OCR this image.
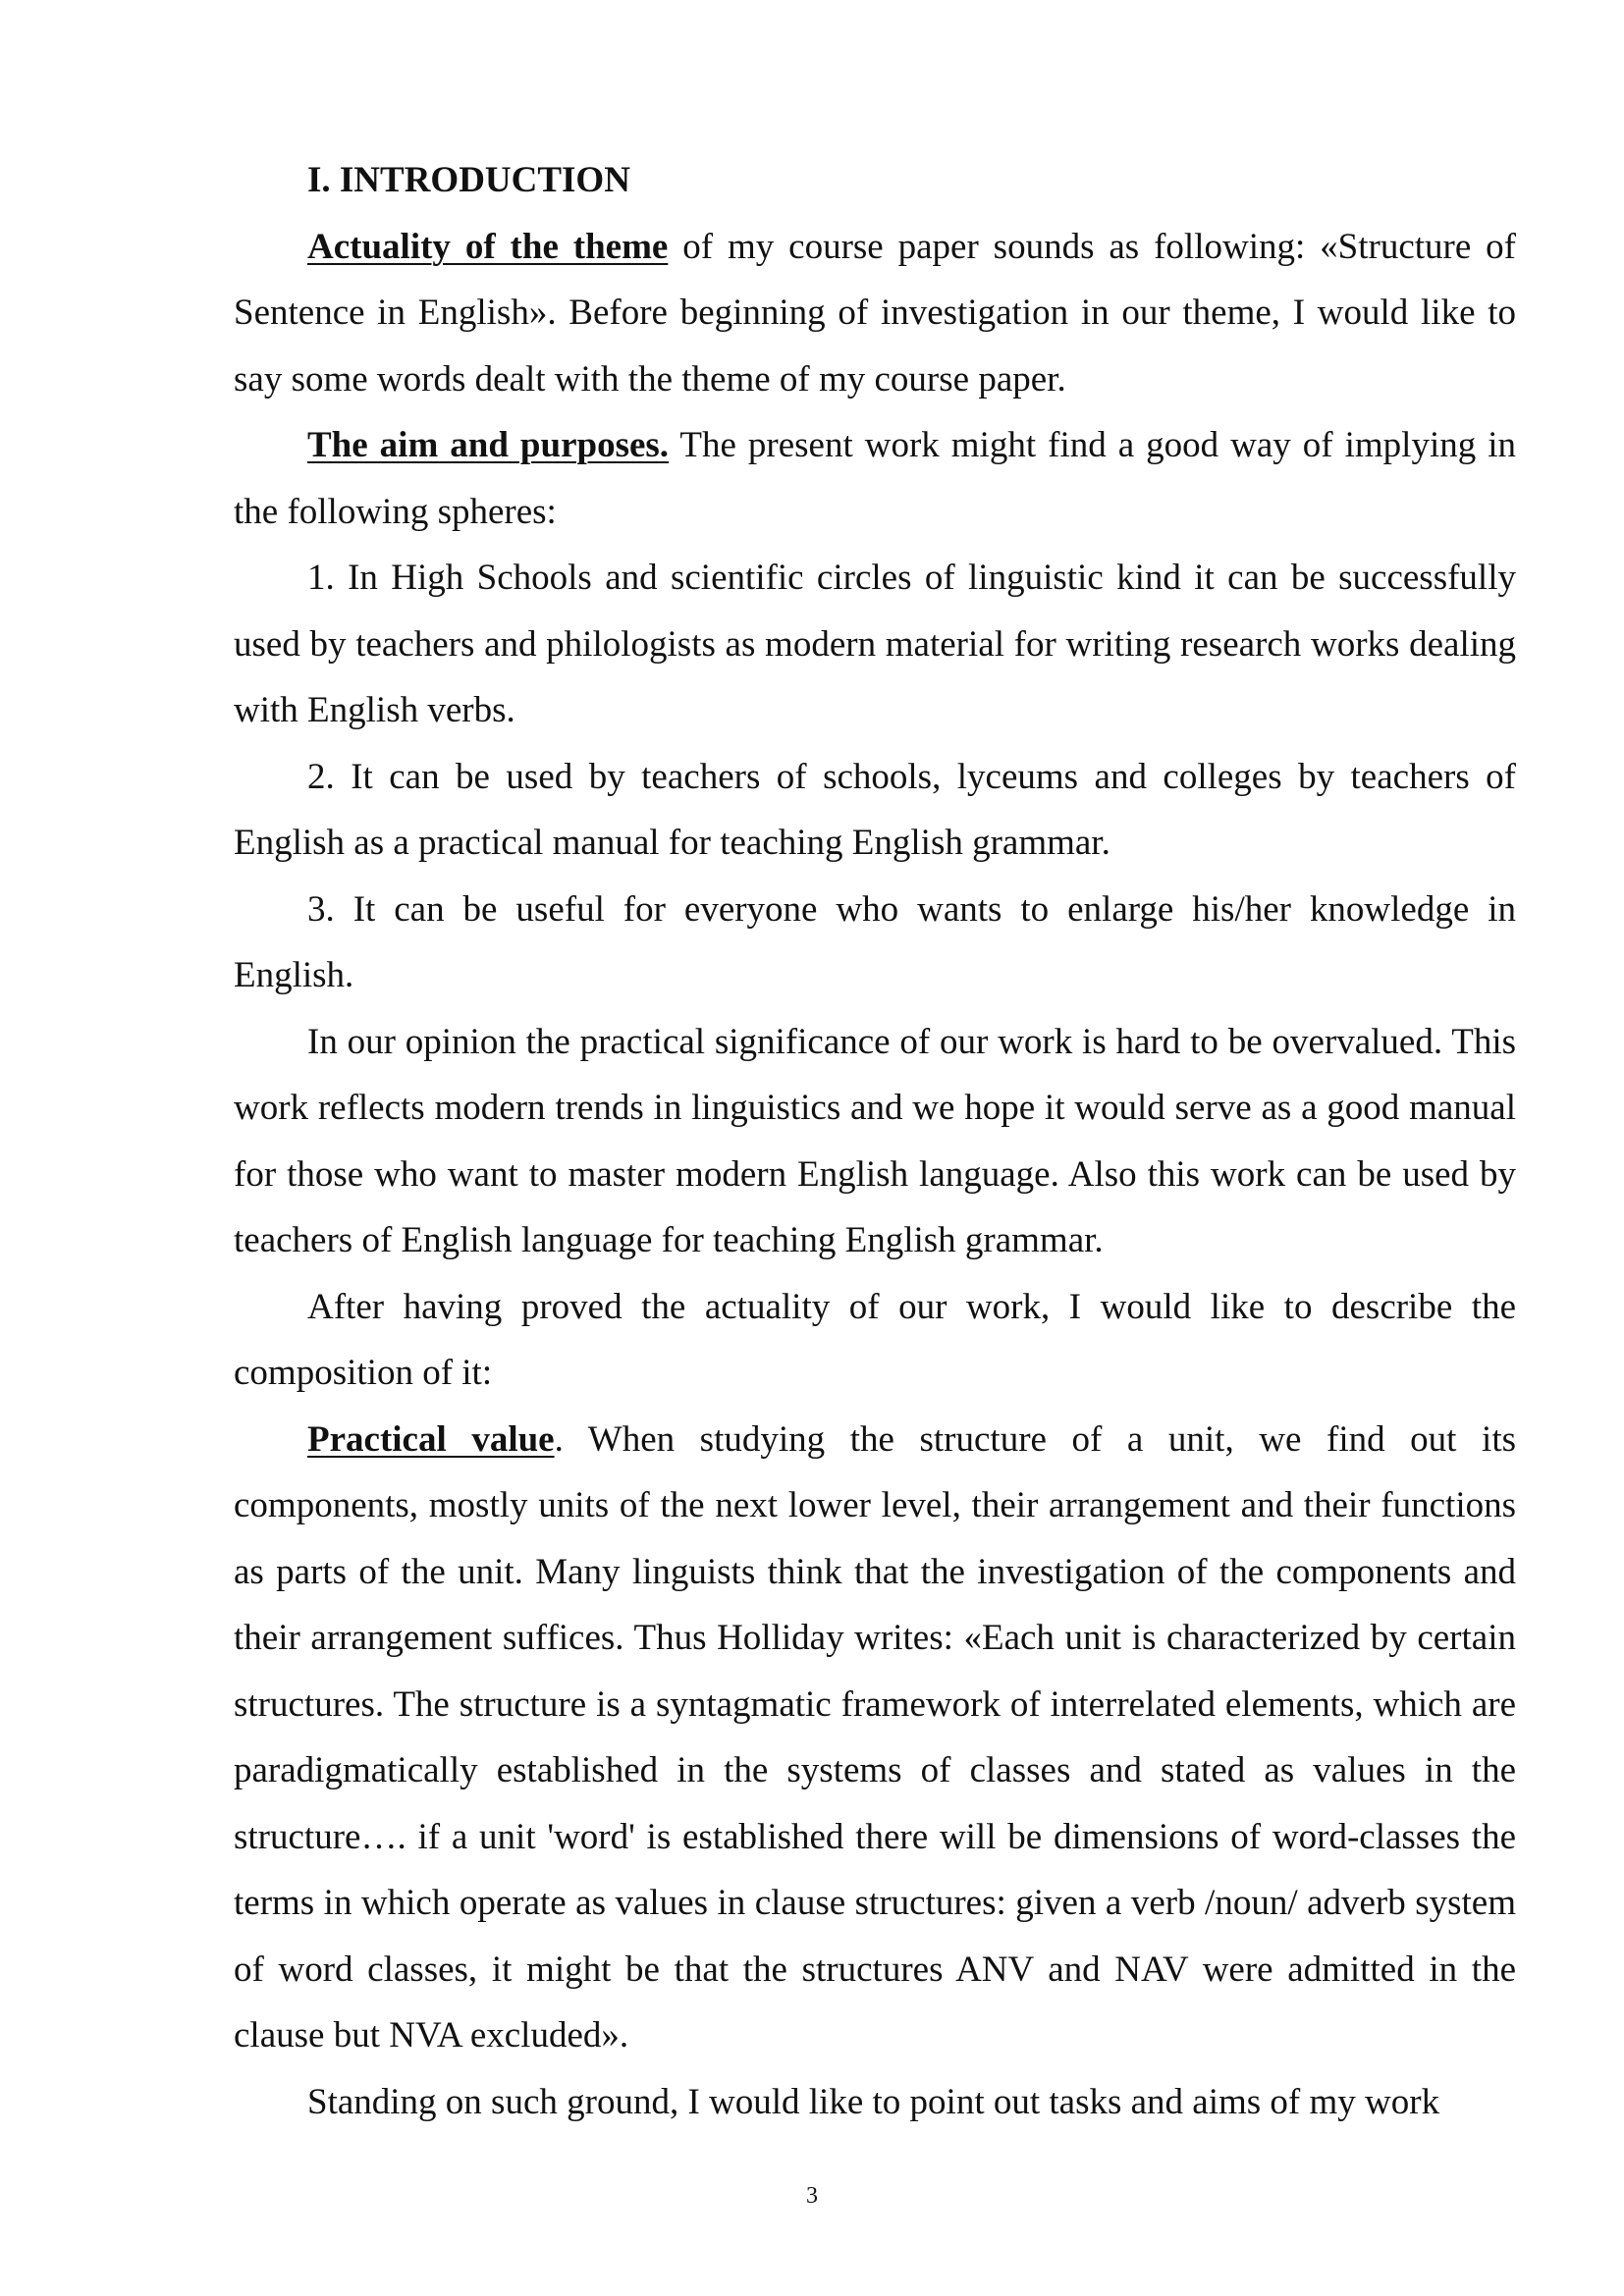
I. INTRODUCTION

Actuality of the theme of my course paper sounds as following: «Structure of Sentence in English». Before beginning of investigation in our theme, I would like to say some words dealt with the theme of my course paper.

The aim and purposes. The present work might find a good way of implying in the following spheres:

1. In High Schools and scientific circles of linguistic kind it can be successfully used by teachers and philologists as modern material for writing research works dealing with English verbs.

2. It can be used by teachers of schools, lyceums and colleges by teachers of English as a practical manual for teaching English grammar.

3. It can be useful for everyone who wants to enlarge his/her knowledge in English.

In our opinion the practical significance of our work is hard to be overvalued. This work reflects modern trends in linguistics and we hope it would serve as a good manual for those who want to master modern English language. Also this work can be used by teachers of English language for teaching English grammar.

After having proved the actuality of our work, I would like to describe the composition of it:

Practical value. When studying the structure of a unit, we find out its components, mostly units of the next lower level, their arrangement and their functions as parts of the unit. Many linguists think that the investigation of the components and their arrangement suffices. Thus Holliday writes: «Each unit is characterized by certain structures. The structure is a syntagmatic framework of interrelated elements, which are paradigmatically established in the systems of classes and stated as values in the structure…. if a unit 'word' is established there will be dimensions of word-classes the terms in which operate as values in clause structures: given a verb /noun/ adverb system of word classes, it might be that the structures ANV and NAV were admitted in the clause but NVA excluded».

Standing on such ground, I would like to point out tasks and aims of my work

3
